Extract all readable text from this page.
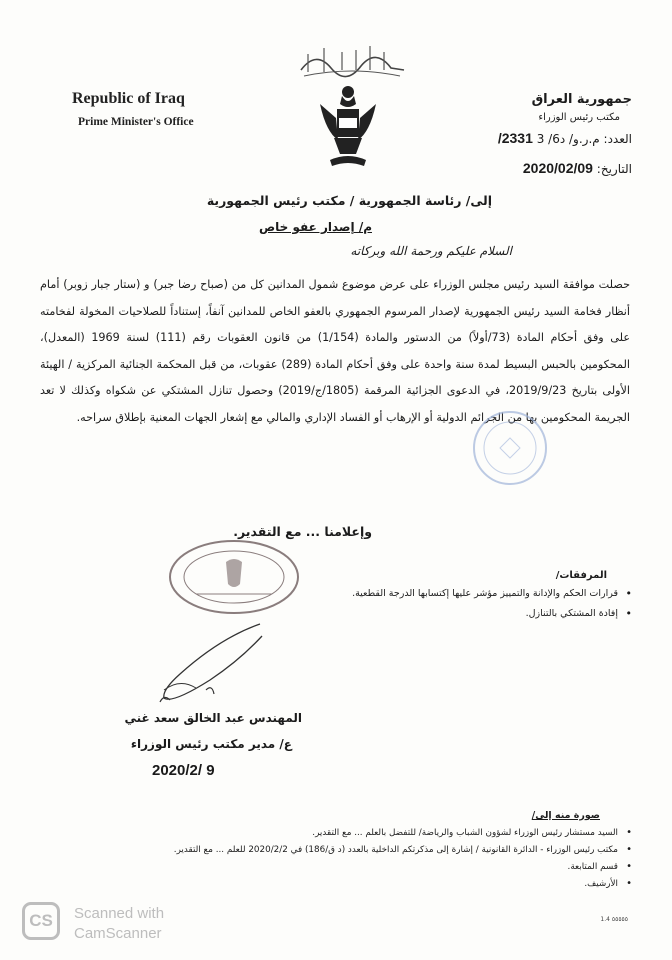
Republic of Iraq
Prime Minister's Office
جمهورية العراق
مكتب رئيس الوزراء
العدد: م.ر.و/ د6/ 3 2331/
التاريخ: 2020/02/09
إلى/ رئاسة الجمهورية / مكتب رئيس الجمهورية
م/ إصدار عفو خاص
السلام عليكم ورحمة الله وبركاته
حصلت موافقة السيد رئيس مجلس الوزراء على عرض موضوع شمول المدانين كل من (صباح رضا جبر) و (ستار جبار زوبر) أمام أنظار فخامة السيد رئيس الجمهورية لإصدار المرسوم الجمهوري بالعفو الخاص للمدانين آنفاً، إستناداً للصلاحيات المخولة لفخامته على وفق أحكام المادة (73/أولاً) من الدستور والمادة (1/154) من قانون العقوبات رقم (111) لسنة 1969 (المعدل)، المحكومين بالحبس البسيط لمدة سنة واحدة على وفق أحكام المادة (289) عقوبات، من قبل المحكمة الجنائية المركزية / الهيئة الأولى بتاريخ 2019/9/23، في الدعوى الجزائية المرقمة (1805/ج/2019) وحصول تنازل المشتكي عن شكواه وكذلك لا تعد الجريمة المحكومين بها من الجرائم الدولية أو الإرهاب أو الفساد الإداري والمالي مع إشعار الجهات المعنية بإطلاق سراحه.
وإعلامنا ... مع التقدير.
المرفقات/
• قرارات الحكم والإدانة والتمييز مؤشر عليها إكتسابها الدرجة القطعية.
• إفادة المشتكي بالتنازل.
المهندس عبد الخالق سعد غني
ع/ مدير مكتب رئيس الوزراء
2020/2/ 9
صورة منه إلى/
• السيد مستشار رئيس الوزراء لشؤون الشباب والرياضة/ للتفضل بالعلم ... مع التقدير.
• مكتب رئيس الوزراء - الدائرة القانونية / إشارة إلى مذكرتكم الداخلية بالعدد (د ق/186) في 2020/2/2 للعلم ... مع التقدير.
• قسم المتابعة.
• الأرشيف.
1.4 ٥٥٥٥٥
CS	Scanned with
CamScanner
